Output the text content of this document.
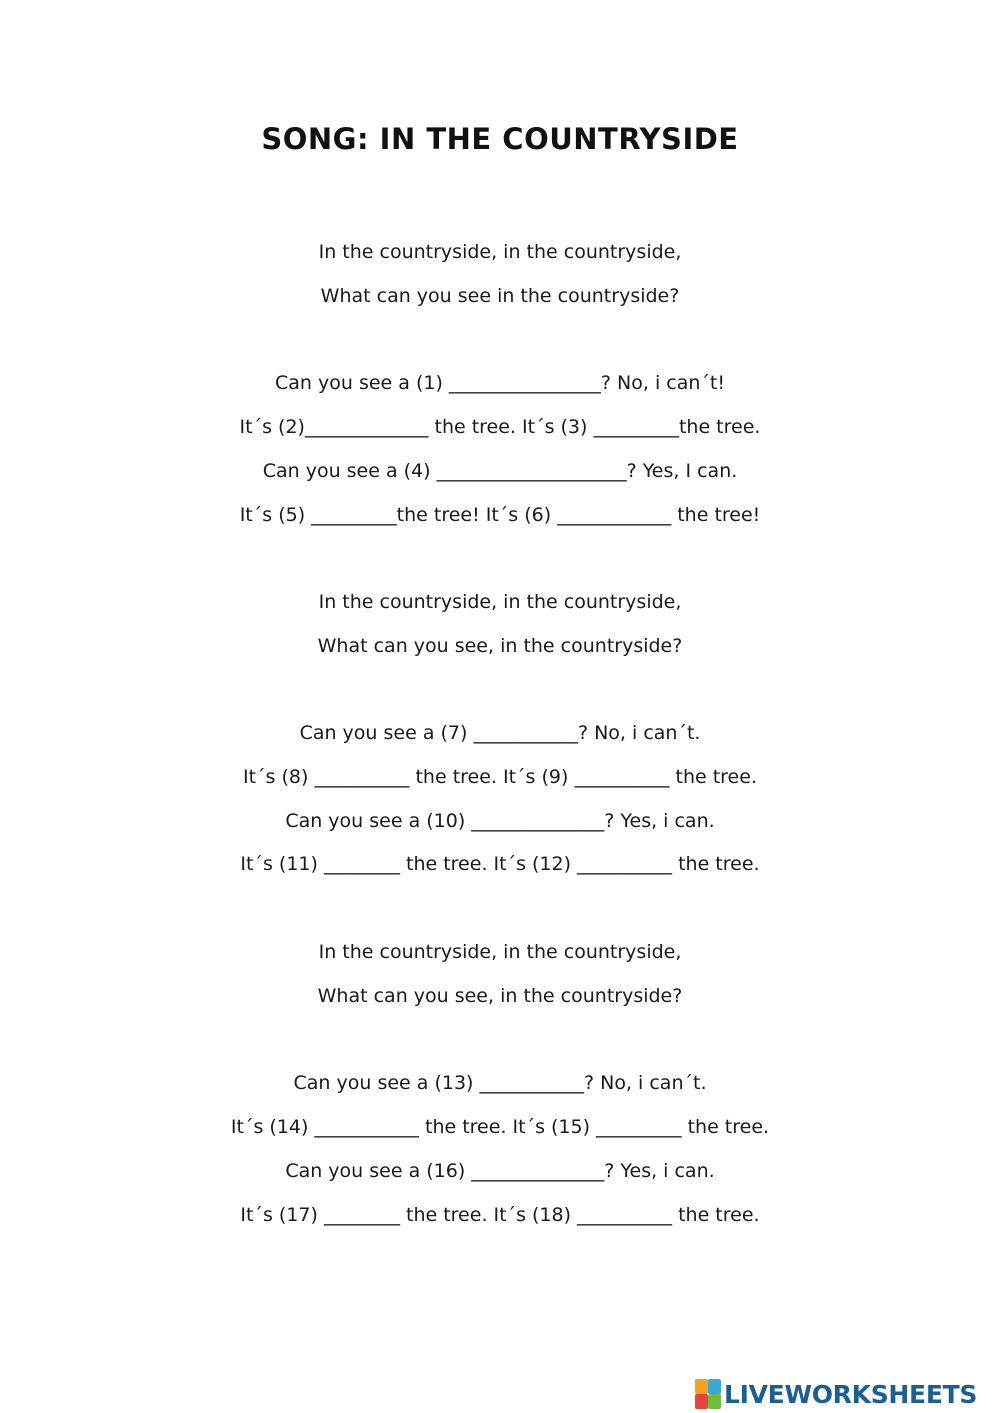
SONG: IN THE COUNTRYSIDE
In the countryside, in the countryside,
What can you see in the countryside?
Can you see a (1) ________________? No, i can´t!
It´s (2)_____________ the tree. It´s (3) _________the tree.
Can you see a (4) ____________________? Yes, I can.
It´s (5) _________the tree! It´s (6) ____________ the tree!
In the countryside, in the countryside,
What can you see, in the countryside?
Can you see a (7) ___________? No, i can´t.
It´s (8) __________ the tree. It´s (9) __________ the tree.
Can you see a (10) ______________? Yes, i can.
It´s (11) ________ the tree. It´s (12) __________ the tree.
In the countryside, in the countryside,
What can you see, in the countryside?
Can you see a (13) ___________? No, i can´t.
It´s (14) ___________ the tree. It´s (15) _________ the tree.
Can you see a (16) ______________? Yes, i can.
It´s (17) ________ the tree. It´s (18) __________ the tree.
LIVEWORKSHEETS
